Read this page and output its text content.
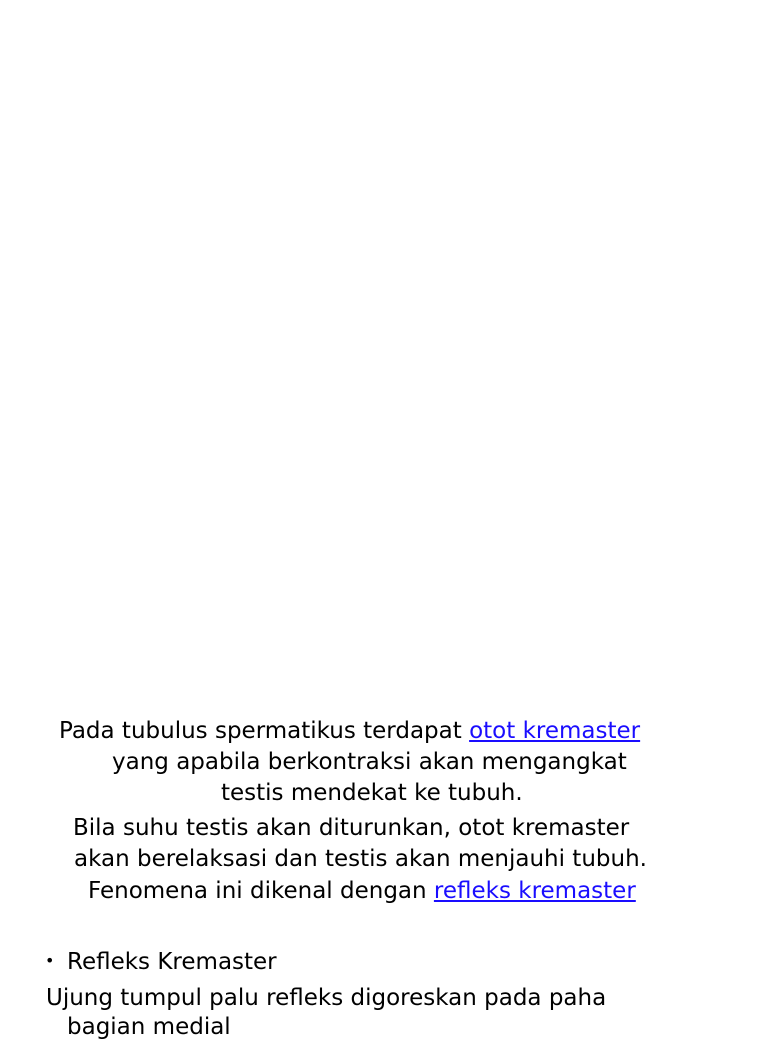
Pada tubulus spermatikus terdapat otot kremaster
yang apabila berkontraksi akan mengangkat
testis mendekat ke tubuh.
Bila suhu testis akan diturunkan, otot kremaster
akan berelaksasi dan testis akan menjauhi tubuh.
Fenomena ini dikenal dengan refleks kremaster
• Refleks Kremaster
Ujung tumpul palu refleks digoreskan pada paha
bagian medial
